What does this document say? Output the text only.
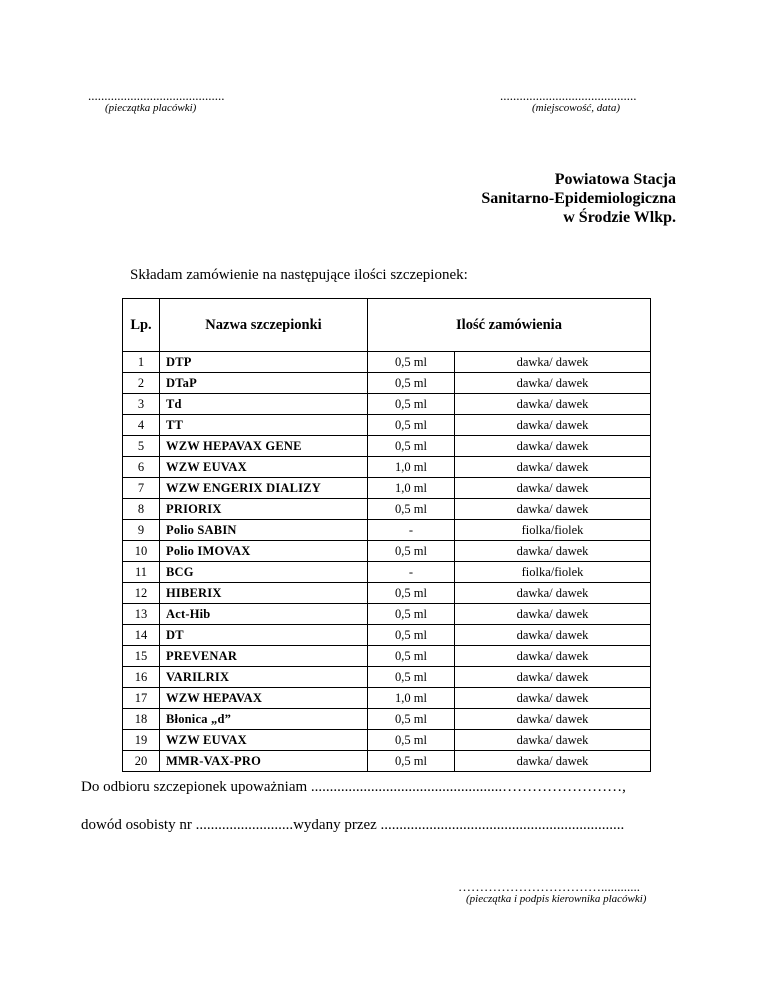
..........................................
(pieczątka placówki)
..........................................
(miejscowość, data)
Powiatowa Stacja
Sanitarno-Epidemiologiczna
w Środzie Wlkp.
Składam zamówienie na następujące ilości szczepionek:
Lp.	Nazwa szczepionki	Ilość zamówienia	
1	DTP	0,5 ml	dawka/ dawek
2	DTaP	0,5 ml	dawka/ dawek
3	Td	0,5 ml	dawka/ dawek
4	TT	0,5 ml	dawka/ dawek
5	WZW HEPAVAX GENE	0,5 ml	dawka/ dawek
6	WZW EUVAX	1,0 ml	dawka/ dawek
7	WZW ENGERIX DIALIZY	1,0 ml	dawka/ dawek
8	PRIORIX	0,5 ml	dawka/ dawek
9	Polio SABIN	-	fiolka/fiolek
10	Polio IMOVAX	0,5 ml	dawka/ dawek
11	BCG	-	fiolka/fiolek
12	HIBERIX	0,5 ml	dawka/ dawek
13	Act-Hib	0,5 ml	dawka/ dawek
14	DT	0,5 ml	dawka/ dawek
15	PREVENAR	0,5 ml	dawka/ dawek
16	VARILRIX	0,5 ml	dawka/ dawek
17	WZW HEPAVAX	1,0 ml	dawka/ dawek
18	Błonica „d”	0,5 ml	dawka/ dawek
19	WZW EUVAX	0,5 ml	dawka/ dawek
20	MMR-VAX-PRO	0,5 ml	dawka/ dawek
Do odbioru szczepionek upoważniam ...................................................……………………,
dowód osobisty nr ..........................wydany przez .................................................................
……………………………............
(pieczątka i podpis kierownika placówki)
